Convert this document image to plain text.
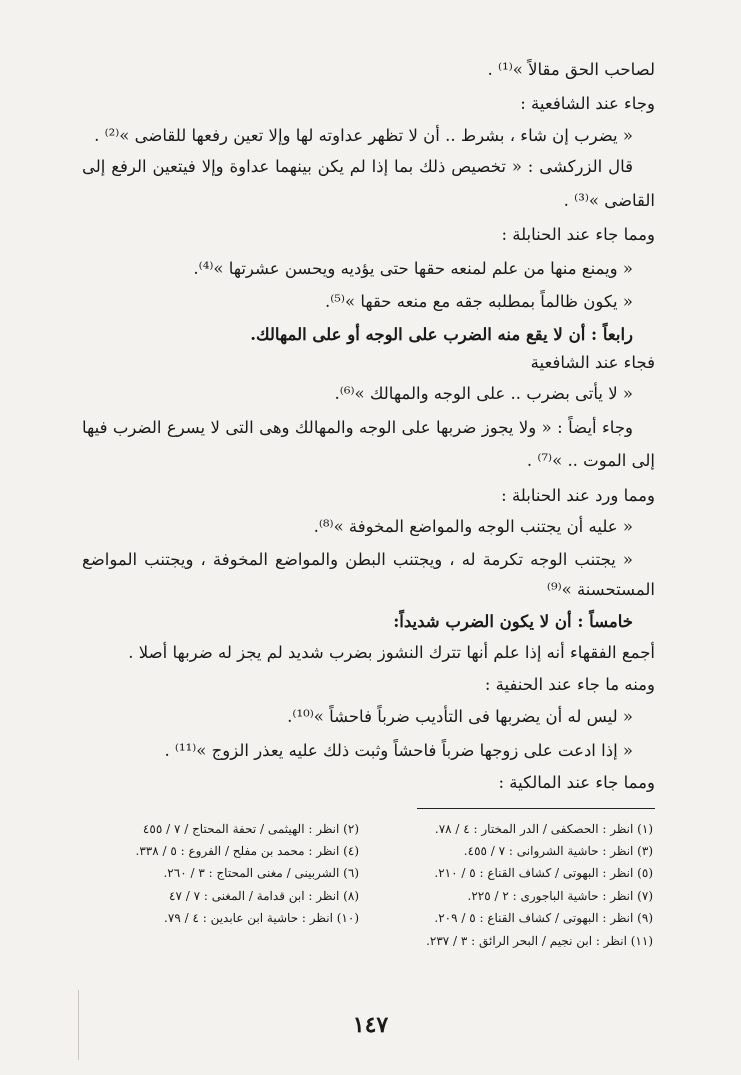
لصاحب الحق مقالاً »⁽¹⁾ .
وجاء عند الشافعية :
« يضرب إن شاء ، بشرط .. أن لا تظهر عداوته لها وإلا تعين رفعها للقاضى »⁽²⁾ .
قال الزركشى : « تخصيص ذلك بما إذا لم يكن بينهما عداوة وإلا فيتعين الرفع إلى
القاضى »⁽³⁾ .
ومما جاء عند الحنابلة :
« ويمنع منها من علم لمنعه حقها حتى يؤديه ويحسن عشرتها »⁽⁴⁾.
« يكون ظالماً بمطلبه جقه مع منعه حقها »⁽⁵⁾.
رابعاً : أن لا يقع منه الضرب على الوجه أو على المهالك.
فجاء عند الشافعية
« لا يأتى بضرب .. على الوجه والمهالك »⁽⁶⁾.
وجاء أيضاً : « ولا يجوز ضربها على الوجه والمهالك وهى التى لا يسرع الضرب فيها
إلى الموت .. »⁽⁷⁾ .
ومما ورد عند الحنابلة :
« عليه أن يجتنب الوجه والمواضع المخوفة »⁽⁸⁾.
« يجتنب الوجه تكرمة له ، ويجتنب البطن والمواضع المخوفة ، ويجتنب المواضع
المستحسنة »⁽⁹⁾
خامساً : أن لا يكون الضرب شديداً:
أجمع الفقهاء أنه إذا علم أنها تترك النشوز بضرب شديد لم يجز له ضربها أصلا .
ومنه ما جاء عند الحنفية :
« ليس له أن يضربها فى التأديب ضرباً فاحشاً »⁽¹⁰⁾.
« إذا ادعت على زوجها ضرباً فاحشاً وثبت ذلك عليه يعذر الزوج »⁽¹¹⁾ .
ومما جاء عند المالكية :
(١) انظر : الحصكفى / الدر المختار : ٤ / ٧٨.
(٣) انظر : حاشية الشروانى : ٧ / ٤٥٥.
(٥) انظر : البهوتى / كشاف القناع : ٥ / ٢١٠.
(٧) انظر : حاشية الباجورى : ٢ / ٢٢٥.
(٩) انظر : البهوتى / كشاف القناع : ٥ / ٢٠٩.
(١١) انظر : ابن نجيم / البحر الرائق : ٣ / ٢٣٧.
(٢) انظر : الهيثمى / تحفة المحتاج / ٧ / ٤٥٥
(٤) انظر : محمد بن مفلح / الفروع : ٥ / ٣٣٨.
(٦) الشربينى / مغنى المحتاج : ٣ / ٢٦٠.
(٨) انظر : ابن قدامة / المغنى : ٧ / ٤٧
(١٠) انظر : حاشية ابن عابدين : ٤ / ٧٩.
١٤٧
